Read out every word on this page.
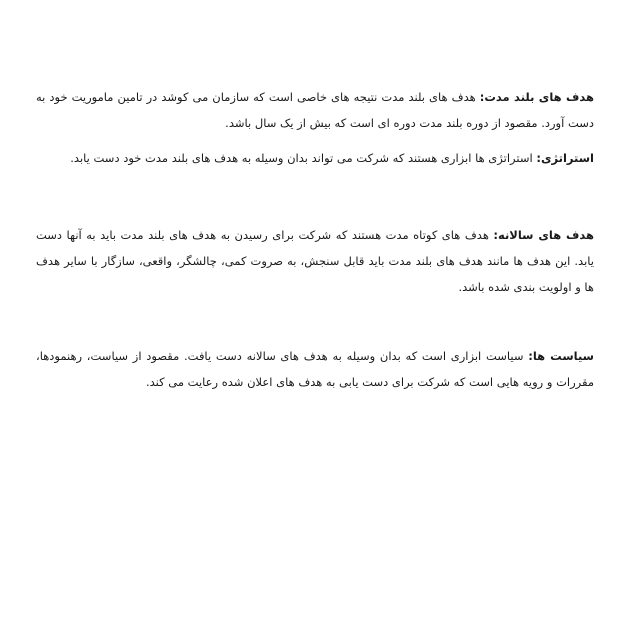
هدف های بلند مدت: هدف های بلند مدت نتیجه های خاصی است که سازمان می کوشد در تامین ماموریت خود به دست آورد. مقصود از دوره بلند مدت دوره ای است که بیش از یک سال باشد.

استراتژی: استراتژی ها ابزاری هستند که شرکت می تواند بدان وسیله به هدف های بلند مدت خود دست یابد.

هدف های سالانه: هدف های کوتاه مدت هستند که شرکت برای رسیدن به هدف های بلند مدت باید به آنها دست یابد. این هدف ها مانند هدف های بلند مدت باید قابل سنجش، به صروت کمی، چالشگر، واقعی، سازگار با سایر هدف ها و اولویت بندی شده باشد.

سیاست ها: سیاست ابزاری است که بدان وسیله به هدف های سالانه دست یافت. مقصود از سیاست، رهنمودها، مقررات و رویه هایی است که شرکت برای دست یابی به هدف های اعلان شده رعایت می کند.
